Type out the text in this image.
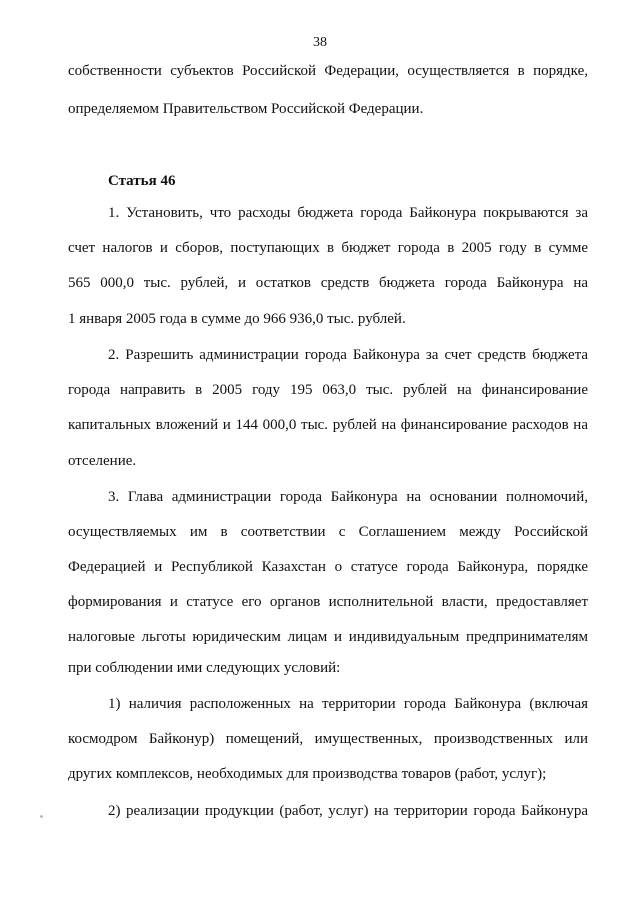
38
собственности субъектов Российской Федерации, осуществляется в порядке,
определяемом Правительством Российской Федерации.
Статья 46
1. Установить, что расходы бюджета города Байконура покрываются за
счет налогов и сборов, поступающих в бюджет города в 2005 году в сумме
565 000,0 тыс. рублей, и остатков средств бюджета города Байконура на
1 января 2005 года в сумме до 966 936,0 тыс. рублей.
2. Разрешить администрации города Байконура за счет средств бюджета
города направить в 2005 году 195 063,0 тыс. рублей на финансирование
капитальных вложений и 144 000,0 тыс. рублей на финансирование расходов на
отселение.
3. Глава администрации города Байконура на основании полномочий,
осуществляемых им в соответствии с Соглашением между Российской
Федерацией и Республикой Казахстан о статусе города Байконура, порядке
формирования и статусе его органов исполнительной власти, предоставляет
налоговые льготы юридическим лицам и индивидуальным предпринимателям
при соблюдении ими следующих условий:
1) наличия расположенных на территории города Байконура (включая
космодром Байконур) помещений, имущественных, производственных или
других комплексов, необходимых для производства товаров (работ, услуг);
2) реализации продукции (работ, услуг) на территории города Байконура
